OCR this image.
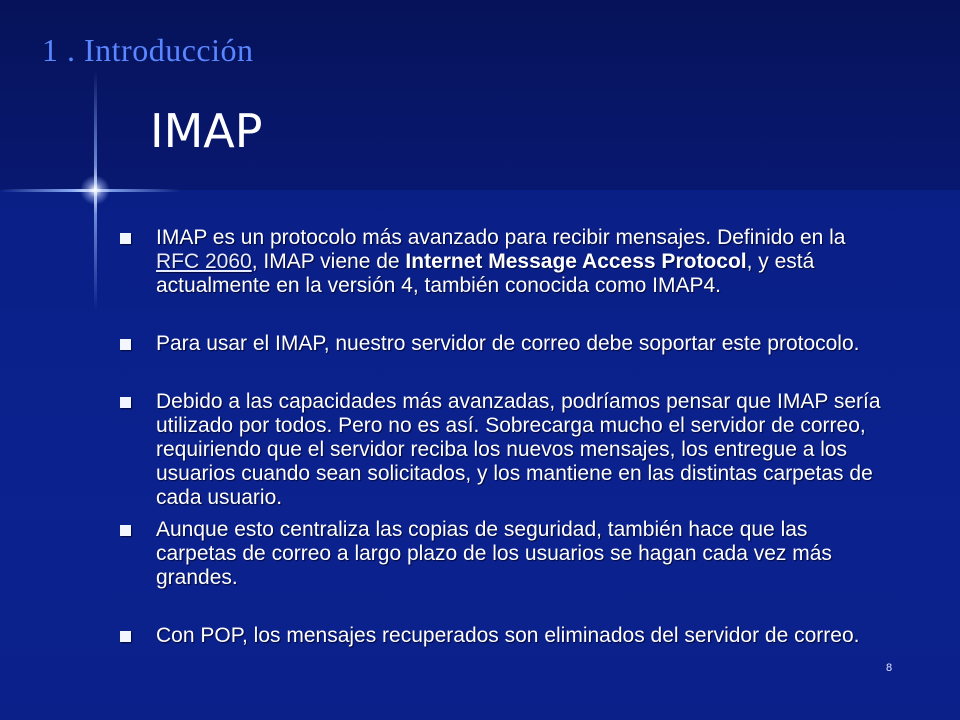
1 . Introducción
IMAP
IMAP es un protocolo más avanzado para recibir mensajes. Definido en la RFC 2060, IMAP viene de Internet Message Access Protocol, y está actualmente en la versión 4, también conocida como IMAP4.
Para usar el IMAP, nuestro servidor de correo debe soportar este protocolo.
Debido a las capacidades más avanzadas, podríamos pensar que IMAP sería utilizado por todos. Pero no es así. Sobrecarga mucho el servidor de correo, requiriendo que el servidor reciba los nuevos mensajes, los entregue a los usuarios cuando sean solicitados, y los mantiene en las distintas carpetas de cada usuario.
Aunque esto centraliza las copias de seguridad, también hace que las carpetas de correo a largo plazo de los usuarios se hagan cada vez más grandes.
Con POP, los mensajes recuperados son eliminados del servidor de correo.
8
